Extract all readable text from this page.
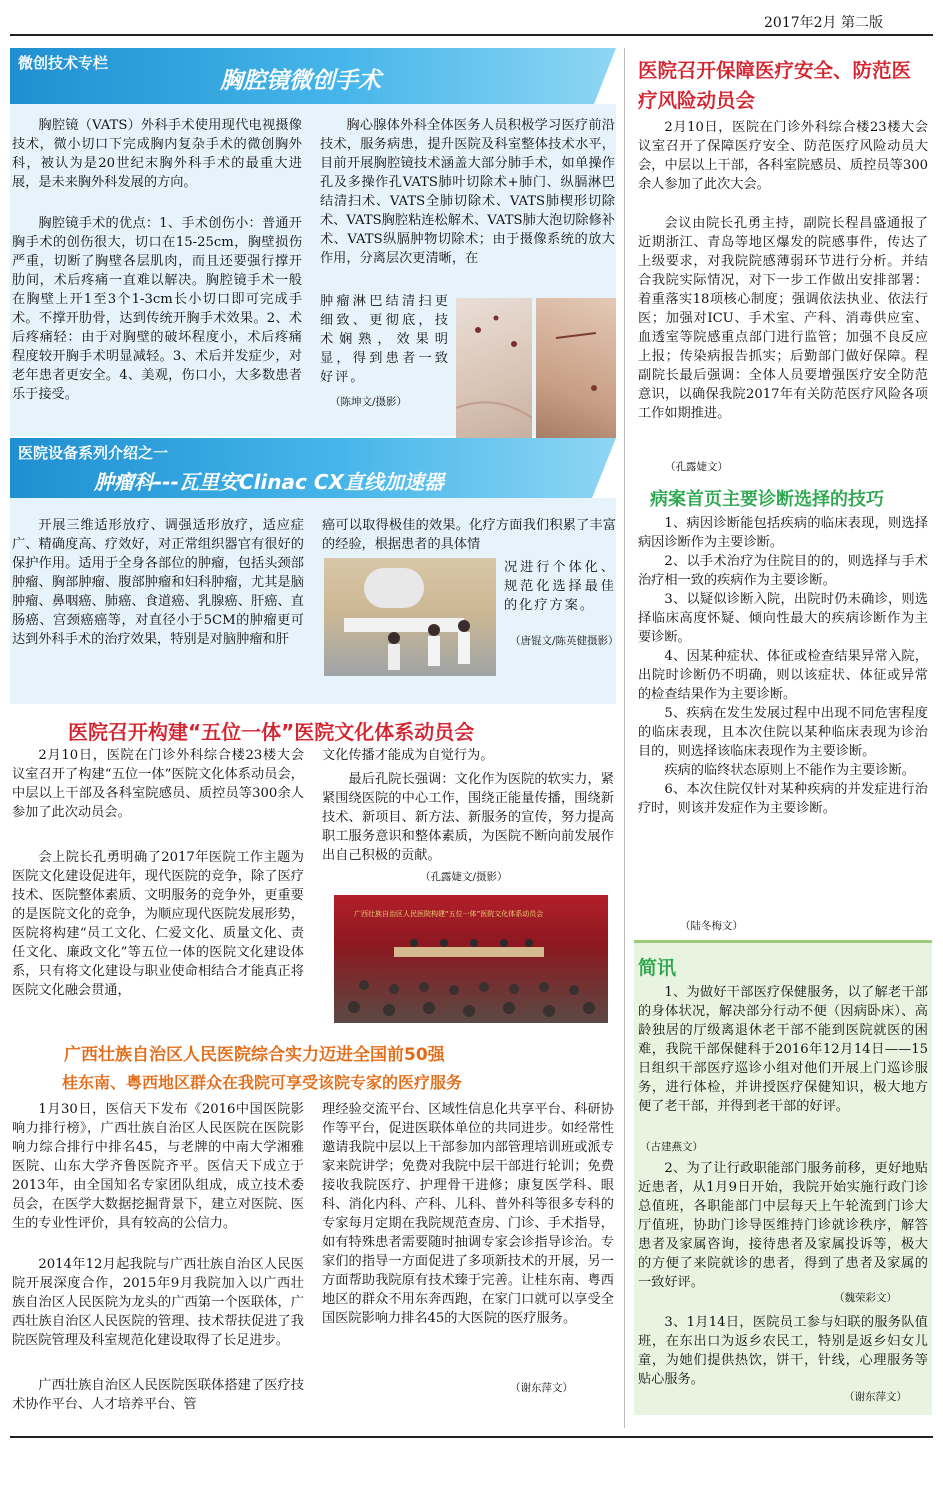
2017年2月 第二版
微创技术专栏
胸腔镜微创手术
胸腔镜（VATS）外科手术使用现代电视摄像技术，微小切口下完成胸内复杂手术的微创胸外科，被认为是20世纪末胸外科手术的最重大进展，是未来胸外科发展的方向。
胸腔镜手术的优点：1、手术创伤小：普通开胸手术的创伤很大，切口在15-25cm，胸壁损伤严重，切断了胸壁各层肌肉，而且还要强行撑开肋间，术后疼痛一直难以解决。胸腔镜手术一般在胸壁上开1至3个1-3cm长小切口即可完成手术。不撑开肋骨，达到传统开胸手术效果。2、术后疼痛轻：由于对胸壁的破坏程度小，术后疼痛程度较开胸手术明显减轻。3、术后并发症少，对老年患者更安全。4、美观，伤口小，大多数患者乐于接受。
胸心腺体外科全体医务人员积极学习医疗前沿技术，服务病患，提升医院及科室整体技术水平，目前开展胸腔镜技术涵盖大部分肺手术，如单操作孔及多操作孔VATS肺叶切除术+肺门、纵膈淋巴结清扫术、VATS全肺切除术、VATS肺楔形切除术、VATS胸腔粘连松解术、VATS肺大泡切除修补术、VATS纵膈肿物切除术；由于摄像系统的放大作用，分离层次更清晰，在
肿瘤淋巴结清扫更细致、更彻底，技术娴熟，效果明显，得到患者一致好评。
（陈坤文/摄影）
医院设备系列介绍之一
肿瘤科---瓦里安Clinac CX直线加速器
开展三维适形放疗、调强适形放疗，适应症广、精确度高、疗效好，对正常组织器官有很好的保护作用。适用于全身各部位的肿瘤，包括头颈部肿瘤、胸部肿瘤、腹部肿瘤和妇科肿瘤，尤其是脑肿瘤、鼻咽癌、肺癌、食道癌、乳腺癌、肝癌、直肠癌、宫颈癌癌等，对直径小于5CM的肿瘤更可达到外科手术的治疗效果，特别是对脑肿瘤和肝
癌可以取得极佳的效果。化疗方面我们积累了丰富的经验，根据患者的具体情
况进行个体化、规范化选择最佳的化疗方案。
（唐锟文/陈英健摄影）
医院召开构建“五位一体”医院文化体系动员会
2月10日，医院在门诊外科综合楼23楼大会议室召开了构建“五位一体”医院文化体系动员会，中层以上干部及各科室院感员、质控员等300余人参加了此次动员会。
会上院长孔勇明确了2017年医院工作主题为医院文化建设促进年，现代医院的竞争，除了医疗技术、医院整体素质、文明服务的竞争外，更重要的是医院文化的竞争，为顺应现代医院发展形势，医院将构建“员工文化、仁爱文化、质量文化、责任文化、廉政文化”等五位一体的医院文化建设体系，只有将文化建设与职业使命相结合才能真正将医院文化融会贯通，
文化传播才能成为自觉行为。
最后孔院长强调：文化作为医院的软实力，紧紧围绕医院的中心工作，围绕正能量传播，围绕新技术、新项目、新方法、新服务的宣传，努力提高职工服务意识和整体素质，为医院不断向前发展作出自己积极的贡献。
（孔露婕文/摄影）
广西壮族自治区人民医院构建“五位一体”医院文化体系动员会
广西壮族自治区人民医院综合实力迈进全国前50强
桂东南、粤西地区群众在我院可享受该院专家的医疗服务
1月30日，医信天下发布《2016中国医院影响力排行榜》，广西壮族自治区人民医院在医院影响力综合排行中排名45，与老牌的中南大学湘雅医院、山东大学齐鲁医院齐平。医信天下成立于2013年，由全国知名专家团队组成，成立技术委员会，在医学大数据挖掘背景下，建立对医院、医生的专业性评价，具有较高的公信力。
2014年12月起我院与广西壮族自治区人民医院开展深度合作，2015年9月我院加入以广西壮族自治区人民医院为龙头的广西第一个医联体，广西壮族自治区人民医院的管理、技术帮扶促进了我院医院管理及科室规范化建设取得了长足进步。
广西壮族自治区人民医院医联体搭建了医疗技术协作平台、人才培养平台、管
理经验交流平台、区域性信息化共享平台、科研协作等平台，促进医联体单位的共同进步。如经常性邀请我院中层以上干部参加内部管理培训班或派专家来院讲学；免费对我院中层干部进行轮训；免费接收我院医疗、护理骨干进修；康复医学科、眼科、消化内科、产科、儿科、普外科等很多专科的专家每月定期在我院规范查房、门诊、手术指导，如有特殊患者需要随时抽调专家会诊指导诊治。专家们的指导一方面促进了多项新技术的开展，另一方面帮助我院原有技术臻于完善。让桂东南、粤西地区的群众不用东奔西跑，在家门口就可以享受全国医院影响力排名45的大医院的医疗服务。
（谢东萍文）
医院召开保障医疗安全、防范医疗风险动员会
2月10日，医院在门诊外科综合楼23楼大会议室召开了保障医疗安全、防范医疗风险动员大会，中层以上干部，各科室院感员、质控员等300余人参加了此次大会。
会议由院长孔勇主持，副院长程昌盛通报了近期浙江、青岛等地区爆发的院感事件，传达了上级要求，对我院院感薄弱环节进行分析。并结合我院实际情况，对下一步工作做出安排部署：着重落实18项核心制度；强调依法执业、依法行医；加强对ICU、手术室、产科、消毒供应室、血透室等院感重点部门进行监管；加强不良反应上报；传染病报告抓实；后勤部门做好保障。程副院长最后强调：全体人员要增强医疗安全防范意识，以确保我院2017年有关防范医疗风险各项工作如期推进。
（孔露婕文）
病案首页主要诊断选择的技巧

1、病因诊断能包括疾病的临床表现，则选择病因诊断作为主要诊断。

2、以手术治疗为住院目的的，则选择与手术治疗相一致的疾病作为主要诊断。

3、以疑似诊断入院，出院时仍未确诊，则选择临床高度怀疑、倾向性最大的疾病诊断作为主要诊断。

4、因某种症状、体征或检查结果异常入院，出院时诊断仍不明确，则以该症状、体征或异常的检查结果作为主要诊断。

5、疾病在发生发展过程中出现不同危害程度的临床表现，且本次住院以某种临床表现为诊治目的，则选择该临床表现作为主要诊断。

疾病的临终状态原则上不能作为主要诊断。

6、本次住院仅针对某种疾病的并发症进行治疗时，则该并发症作为主要诊断。

（陆冬梅文）
简讯
1、为做好干部医疗保健服务，以了解老干部的身体状况，解决部分行动不便（因病卧床）、高龄独居的厅级离退休老干部不能到医院就医的困难，我院干部保健科于2016年12月14日——15日组织干部医疗巡诊小组对他们开展上门巡诊服务，进行体检，并讲授医疗保健知识，极大地方便了老干部，并得到老干部的好评。
（古建燕文）
2、为了让行政职能部门服务前移，更好地贴近患者，从1月9日开始，我院开始实施行政门诊总值班，各职能部门中层每天上午轮流到门诊大厅值班，协助门诊导医维持门诊就诊秩序，解答患者及家属咨询，接待患者及家属投诉等，极大的方便了来院就诊的患者，得到了患者及家属的一致好评。
（魏荣彩文）
3、1月14日，医院员工参与妇联的服务队值班，在东出口为返乡农民工，特别是返乡妇女儿童，为她们提供热饮，饼干，针线，心理服务等贴心服务。
（谢东萍文）
